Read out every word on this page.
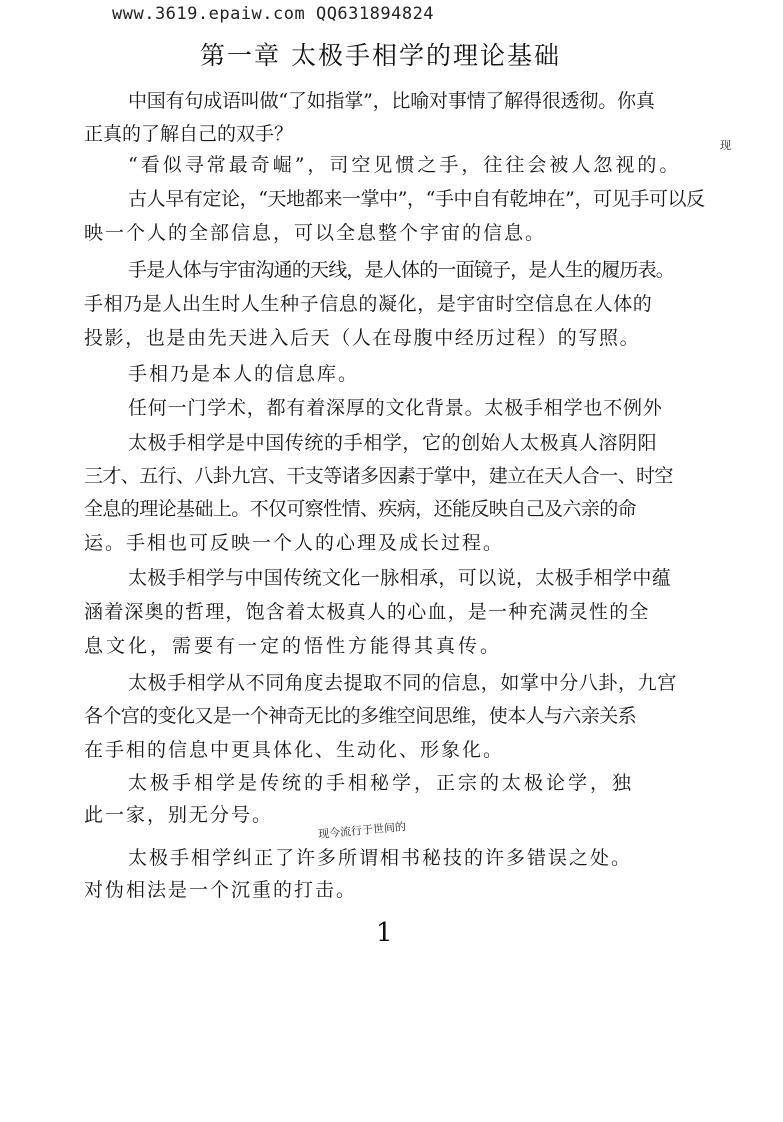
www.3619.epaiw.com QQ631894824
第一章 太极手相学的理论基础
中国有句成语叫做“了如指掌”，比喻对事情了解得很透彻。你真
正真的了解自己的双手？
“看似寻常最奇崛”，司空见惯之手，往往会被人忽视的。
古人早有定论，“天地都来一掌中”，“手中自有乾坤在”，可见手可以反
映一个人的全部信息，可以全息整个宇宙的信息。
手是人体与宇宙沟通的天线，是人体的一面镜子，是人生的履历表。
手相乃是人出生时人生种子信息的凝化，是宇宙时空信息在人体的
投影，也是由先天进入后天（人在母腹中经历过程）的写照。
手相乃是本人的信息库。
任何一门学术，都有着深厚的文化背景。太极手相学也不例外
太极手相学是中国传统的手相学，它的创始人太极真人溶阴阳
三才、五行、八卦九宫、干支等诸多因素于掌中，建立在天人合一、时空
全息的理论基础上。不仅可察性情、疾病，还能反映自己及六亲的命
运。手相也可反映一个人的心理及成长过程。
太极手相学与中国传统文化一脉相承，可以说，太极手相学中蕴
涵着深奥的哲理，饱含着太极真人的心血，是一种充满灵性的全
息文化，需要有一定的悟性方能得其真传。
太极手相学从不同角度去提取不同的信息，如掌中分八卦，九宫
各个宫的变化又是一个神奇无比的多维空间思维，使本人与六亲关系
在手相的信息中更具体化、生动化、形象化。
太极手相学是传统的手相秘学，正宗的太极论学，独
此一家，别无分号。
太极手相学纠正了许多所谓相书秘技的许多错误之处。
对伪相法是一个沉重的打击。
现今流行于世间的
现
1
